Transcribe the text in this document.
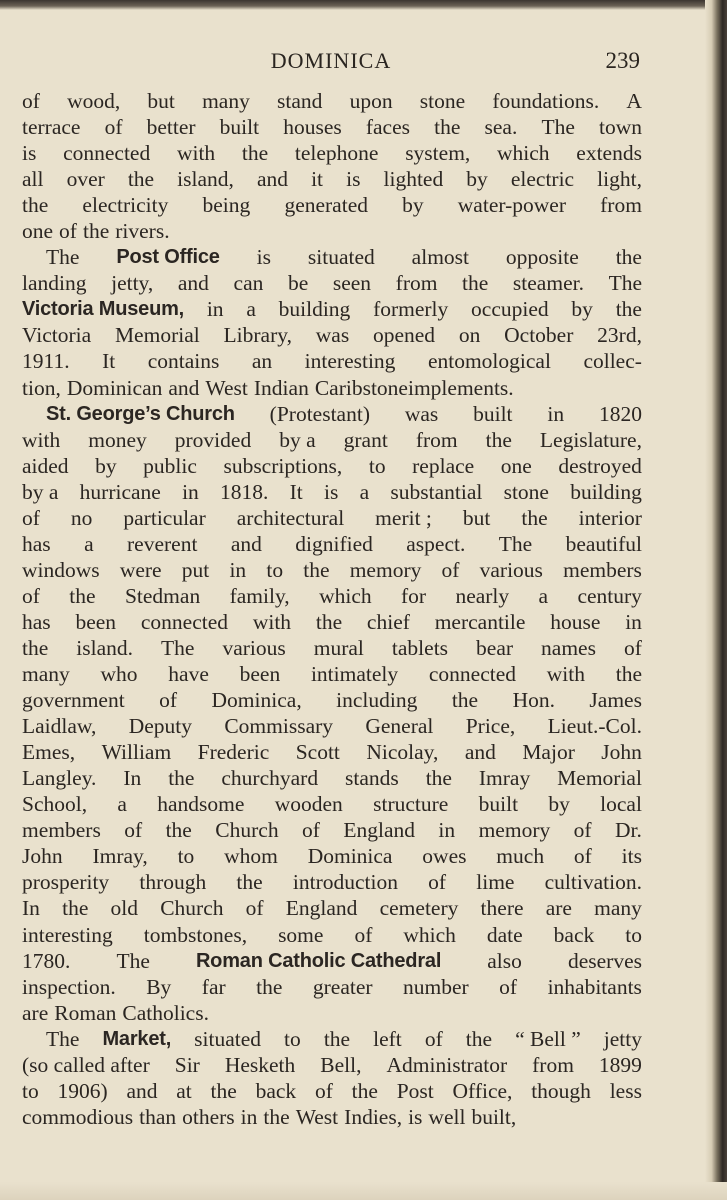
DOMINICA	239
of wood, but many stand upon stone foundations. A
terrace of better built houses faces the sea. The town
is connected with the telephone system, which extends
all over the island, and it is lighted by electric light,
the electricity being generated by water-power from
one of the rivers.
The Post Office is situated almost opposite the
landing jetty, and can be seen from the steamer. The
Victoria Museum, in a building formerly occupied by the
Victoria Memorial Library, was opened on October 23rd,
1911. It contains an interesting entomological collec-
tion, Dominican and West Indian Caribstoneimplements.
St. George’s Church (Protestant) was built in 1820
with money provided by a grant from the Legislature,
aided by public subscriptions, to replace one destroyed
by a hurricane in 1818. It is a substantial stone building
of no particular architectural merit ; but the interior
has a reverent and dignified aspect. The beautiful
windows were put in to the memory of various members
of the Stedman family, which for nearly a century
has been connected with the chief mercantile house in
the island. The various mural tablets bear names of
many who have been intimately connected with the
government of Dominica, including the Hon. James
Laidlaw, Deputy Commissary General Price, Lieut.-Col.
Emes, William Frederic Scott Nicolay, and Major John
Langley. In the churchyard stands the Imray Memorial
School, a handsome wooden structure built by local
members of the Church of England in memory of Dr.
John Imray, to whom Dominica owes much of its
prosperity through the introduction of lime cultivation.
In the old Church of England cemetery there are many
interesting tombstones, some of which date back to
1780. The Roman Catholic Cathedral also deserves
inspection. By far the greater number of inhabitants
are Roman Catholics.
The Market, situated to the left of the “ Bell ” jetty
(so called after Sir Hesketh Bell, Administrator from 1899
to 1906) and at the back of the Post Office, though less
commodious than others in the West Indies, is well built,
